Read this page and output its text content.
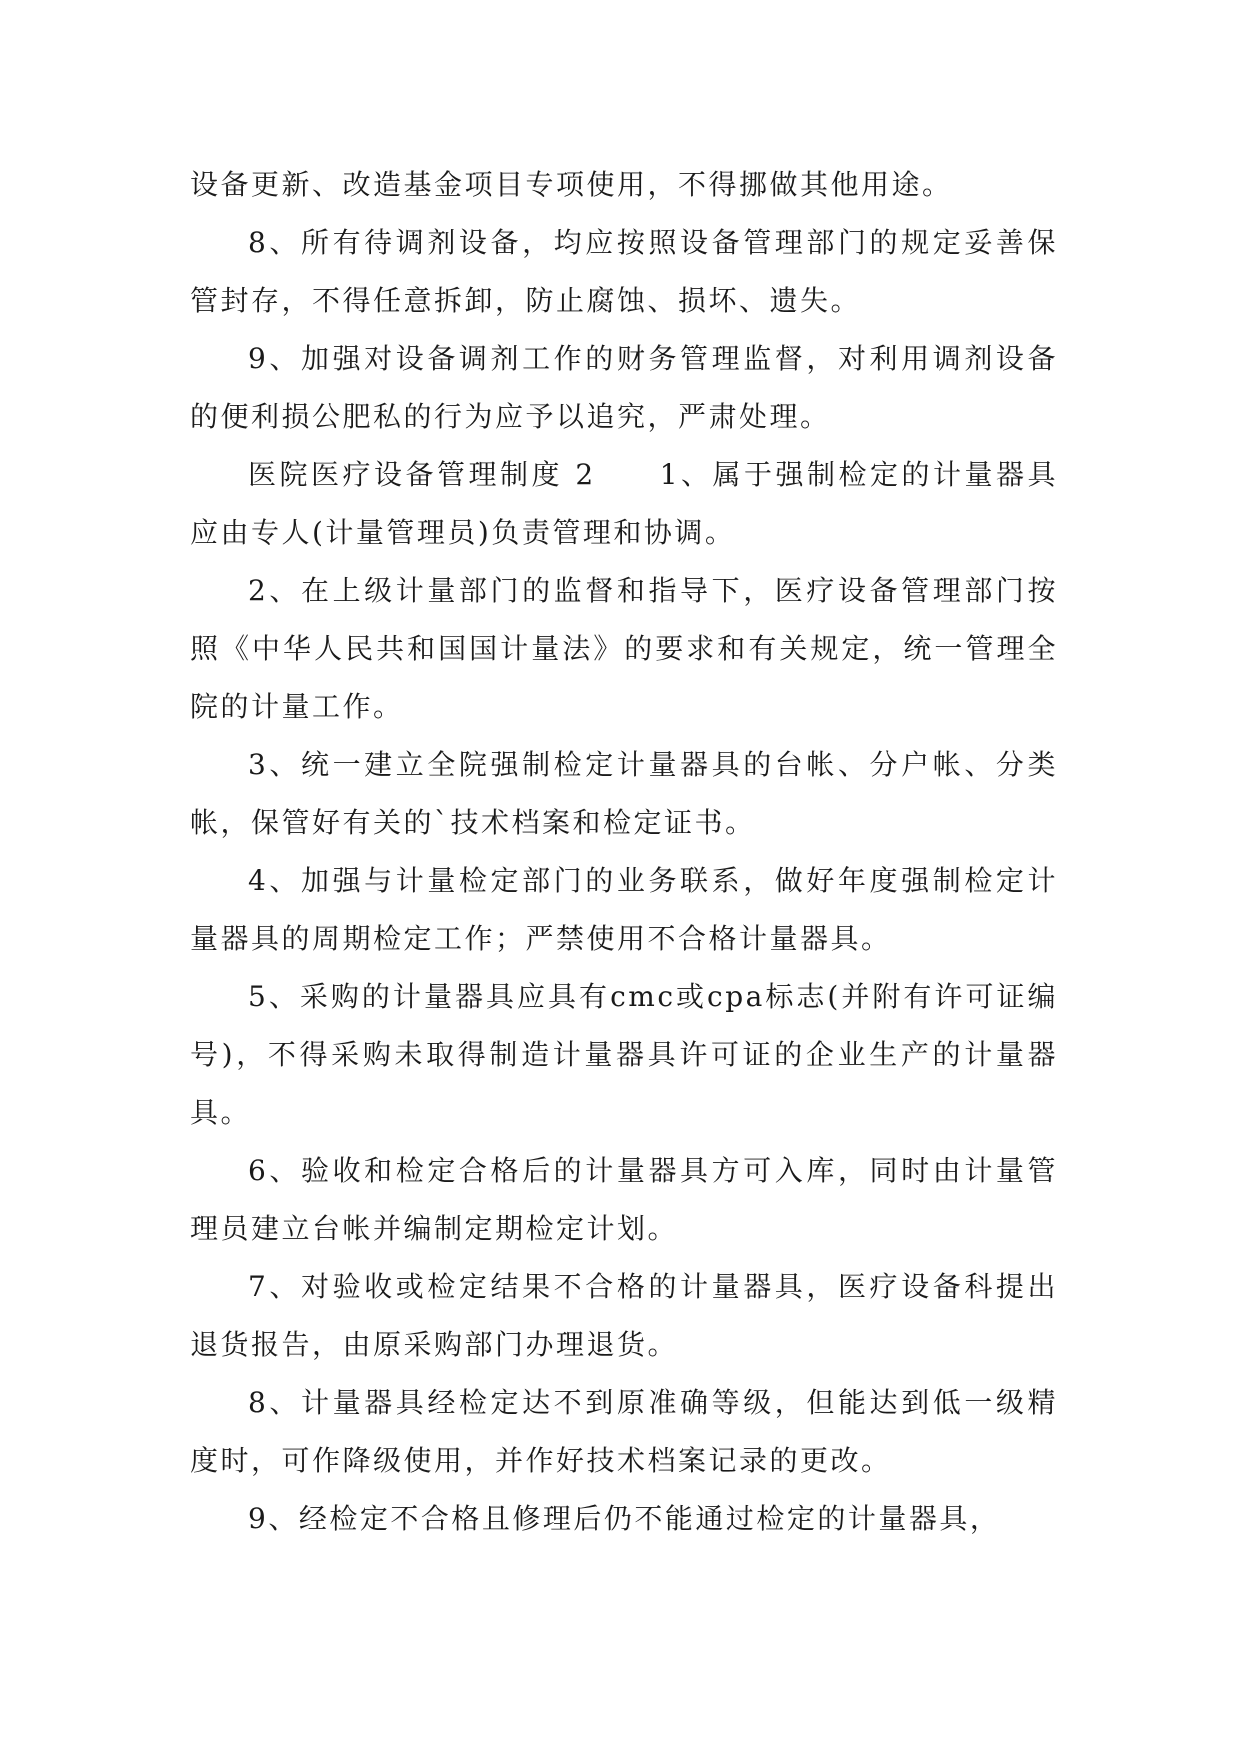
设备更新、改造基金项目专项使用，不得挪做其他用途。

8、所有待调剂设备，均应按照设备管理部门的规定妥善保管封存，不得任意拆卸，防止腐蚀、损坏、遗失。

9、加强对设备调剂工作的财务管理监督，对利用调剂设备的便利损公肥私的行为应予以追究，严肃处理。

医院医疗设备管理制度 2　　1、属于强制检定的计量器具应由专人(计量管理员)负责管理和协调。

2、在上级计量部门的监督和指导下，医疗设备管理部门按照《中华人民共和国国计量法》的要求和有关规定，统一管理全院的计量工作。

3、统一建立全院强制检定计量器具的台帐、分户帐、分类帐，保管好有关的`技术档案和检定证书。

4、加强与计量检定部门的业务联系，做好年度强制检定计量器具的周期检定工作；严禁使用不合格计量器具。

5、采购的计量器具应具有cmc或cpa标志(并附有许可证编号)，不得采购未取得制造计量器具许可证的企业生产的计量器具。

6、验收和检定合格后的计量器具方可入库，同时由计量管理员建立台帐并编制定期检定计划。

7、对验收或检定结果不合格的计量器具，医疗设备科提出退货报告，由原采购部门办理退货。

8、计量器具经检定达不到原准确等级，但能达到低一级精度时，可作降级使用，并作好技术档案记录的更改。

9、经检定不合格且修理后仍不能通过检定的计量器具，
